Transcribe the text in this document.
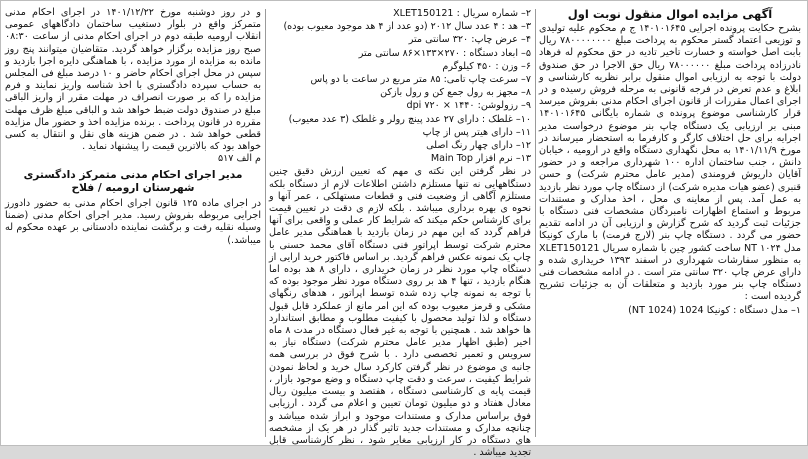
آگهی مزایده اموال منقول نوبت اول

بشرح حکایت پرونده اجرایی ۱۴۰۱۰۱۶۴۵ ج م محکوم علیه تولیدی و توزیعی اعتماد گستر محکوم به پرداخت مبلغ ۷۸۰۰۰۰۰۰۰۰ ریال بابت اصل خواسته و خسارت تاخیر تادیه در حق محکوم له فرهاد نادرزاده پرداخت مبلغ ۷۸۰۰۰۰۰۰ ریال حق الاجرا در حق صندوق دولت با توجه به ارزیابی اموال منقول برابر نظریه کارشناسی و ابلاغ و عدم تعرض در فرجه قانونی به مرحله فروش رسیده و در اجرای اعمال مقررات از قانون اجرای احکام مدنی بفروش میرسد قرار کارشناسی موضوع پرونده ی شماره بایگانی ۱۴۰۱۰۱۶۴۵ مبنی بر ارزیابی یک دستگاه چاپ بنر موضوع درخواست مدیر اجرایه برای حل اختلاف کارگر و کارفرما به استحضار میرساند در مورخ ۱۴۰۱/۱۱/۹ به محل نگهداری دستگاه واقع در ارومیه ، خیابان دانش ، جنب ساختمان اداره ۱۰۰ شهرداری مراجعه و در حضور آقایان داریوش فرومندی (مدیر عامل محترم شرکت) و حسن قنبری (عضو هیات مدیره شرکت) از دستگاه چاپ مورد نظر بازدید به عمل آمد. پس از معاینه ی محل ، اخذ مدارک و مستندات مربوط و استماع اظهارات نامبردگان مشخصات فنی دستگاه با جزئیات ثبت گردید که شرح گزارش و ارزیابی آن در ادامه تقدیم حضور می گردد . دستگاه چاپ بنر (لارج فرمت) با مارک کونیکا مدل NT ۱۰۲۴ ساخت کشور چین با شماره سریال XLET150121 به منظور سفارشات شهرداری در اسفند ۱۳۹۳ خریداری شده و دارای عرض چاپ ۳۲۰ سانتی متر است . در ادامه مشخصات فنی دستگاه چاپ بنر مورد بازدید و متعلقات آن به جزئیات تشریح گردیده است :

۱– مدل دستگاه : کونیکا 1024 (NT 1024)

۲– شماره سریال : XLET150121

۳– هد : ۴ عدد سال ۲۰۱۲ (دو عدد از ۴ هد موجود معیوب بوده)

۴– عرض چاپ: ۳۲۰ سانتی متر

۵– ابعاد دستگاه : ۲۷۰×۱۳۳×۸۶ سانتی متر

۶– وزن : ۴۵۰ کیلوگرم

۷– سرعت چاپ تامی: ۸۵ متر مربع در ساعت با دو پاس

۸– مجهز به رول جمع کن و رول بازکن

۹– رزولوشن: dpi ۷۲۰ × ۱۴۴۰

۱۰– غلطک : دارای ۲۷ عدد پینچ رولر و غلطک (۳ عدد معیوب)

۱۱– دارای هیتر پس از چاپ

۱۲– دارای چهار رنگ اصلی

۱۳– نرم افزار Main Top

در نظر گرفتن این نکته ی مهم که تعیین ارزش دقیق چنین دستگاههایی نه تنها مستلزم داشتن اطلاعات لازم از دستگاه بلکه مستلزم آگاهی از وضعیت فنی و قطعات مستهلکی ، عمر آنها و نحوه ی بهره برداری میباشد . بلکه لازم ی دقت در تعیین قیمت برای کارشناس حکم میکند که شرایط کار عملی و واقعی برای آنها فراهم گردد که این مهم در زمان بازدید با هماهنگی مدیر عامل محترم شرکت توسط اپراتور فنی دستگاه آقای محمد حسنی با چاپ یک نمونه عکس فراهم گردید. بر اساس فاکتور خرید ارایی از دستگاه چاپ مورد نظر در زمان خریداری ، دارای ۸ هد بوده اما هنگام بازدید ، تنها ۴ هد بر روی دستگاه مورد نظر موجود بوده که با توجه به نمونه چاپ زده شده توسط اپراتور ، هدهای رنگهای مشکی و قرمز معیوب بوده که این امر مانع از عملکرد قابل قبول دستگاه و لذا تولید محصول با کیفیت مطلوب و مطابق استاندارد ها خواهد شد . همچنین با توجه به غیر فعال دستگاه در مدت ۸ ماه اخیر (طبق اظهار مدیر عامل محترم شرکت) دستگاه نیاز به سرویس و تعمیر تخصصی دارد . با شرح فوق در بررسی همه جانبه ی موضوع در نظر گرفتن کارکرد سال خرید و لحاظ نمودن شرایط کیفیت ، سرعت و دقت چاپ دستگاه و وضع موجود بازار ، قیمت پایه ی کارشناسی دستگاه ، هفتصد و بیست میلیون ریال معادل هفتاد و دو میلیون تومان تعیین و اعلام می گردد . ارزیابی فوق براساس مدارک و مستندات موجود و ابراز شده میباشد و چنانچه مدارک و مستندات جدید تاثیر گذار در هر یک از مشخصه های دستگاه در کار ارزیابی مغایر شود ، نظر کارشناسی قابل تجدید میباشد .

و در روز دوشنبه مورخ ۱۴۰۱/۱۲/۲۲ در اجرای احکام مدنی متمرکز واقع در بلوار دستغیب ساختمان دادگاههای عمومی انقلاب ارومیه طبقه دوم در اجرای احکام مدنی از ساعت ۰۸:۳۰ صبح روز مزایده برگزار خواهد گردید. متقاضیان میتوانند پنج روز مانده به مزایده از مورد مزایده ، با هماهنگی دایره اجرا بازدید و سپس در محل اجرای احکام حاضر و ۱۰ درصد مبلغ فی المجلس به حساب سپرده دادگستری با اخذ شناسه واریز نمایند و فرم مزایده را که بر صورت انصراف در مهلت مقرر از واریز الباقی مبلغ در صندوق دولت ضبط خواهد شد و الباقی مبلغ ظرف مهلت مقرره در قانون پرداخت . برنده مزایده اخذ و حضور مال مزایده قطعی خواهد شد . در ضمن هزینه های نقل و انتقال به کسی خواهد بود که بالاترین قیمت را پیشنهاد نماید .

م الف ۵۱۷

مدیر اجرای احکام مدنی متمرکز دادگستری شهرستان ارومیه / فلاح

در اجرای ماده ۱۲۵ قانون اجرای احکام مدنی به حضور دادورز اجرایی مربوطه بفروش رسید. مدیر اجرای احکام مدنی (ضمنا وسیله نقلیه رفت و برگشت نماینده دادستانی بر عهده محکوم له میباشد.)
